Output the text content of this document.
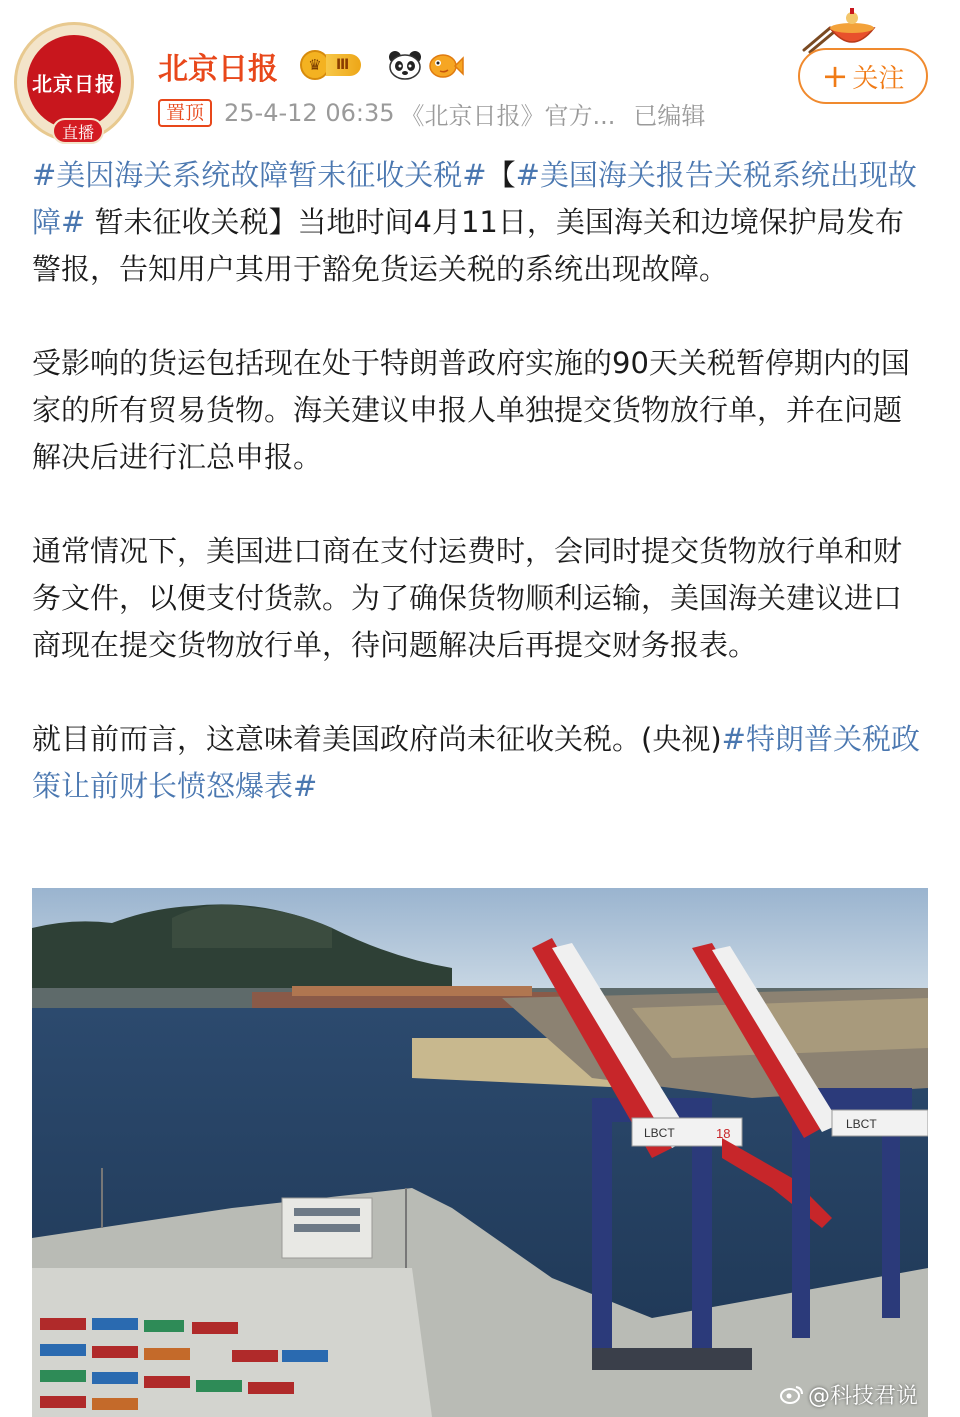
北京日报
直播
北京日报	♛	Ⅲ
置顶 25-4-12 06:35 《北京日报》官方... 已编辑
+ 关注

#美因海关系统故障暂未征收关税#【#美国海关报告关税系统出现故障# 暂未征收关税】当地时间4月11日，美国海关和边境保护局发布警报，告知用户其用于豁免货运关税的系统出现故障。

受影响的货运包括现在处于特朗普政府实施的90天关税暂停期内的国家的所有贸易货物。海关建议申报人单独提交货物放行单，并在问题解决后进行汇总申报。

通常情况下，美国进口商在支付运费时，会同时提交货物放行单和财务文件，以便支付货款。为了确保货物顺利运输，美国海关建议进口商现在提交货物放行单，待问题解决后再提交财务报表。

就目前而言，这意味着美国政府尚未征收关税。(央视)#特朗普关税政策让前财长愤怒爆表#

LBCT	18
LBCT
@科技君说
